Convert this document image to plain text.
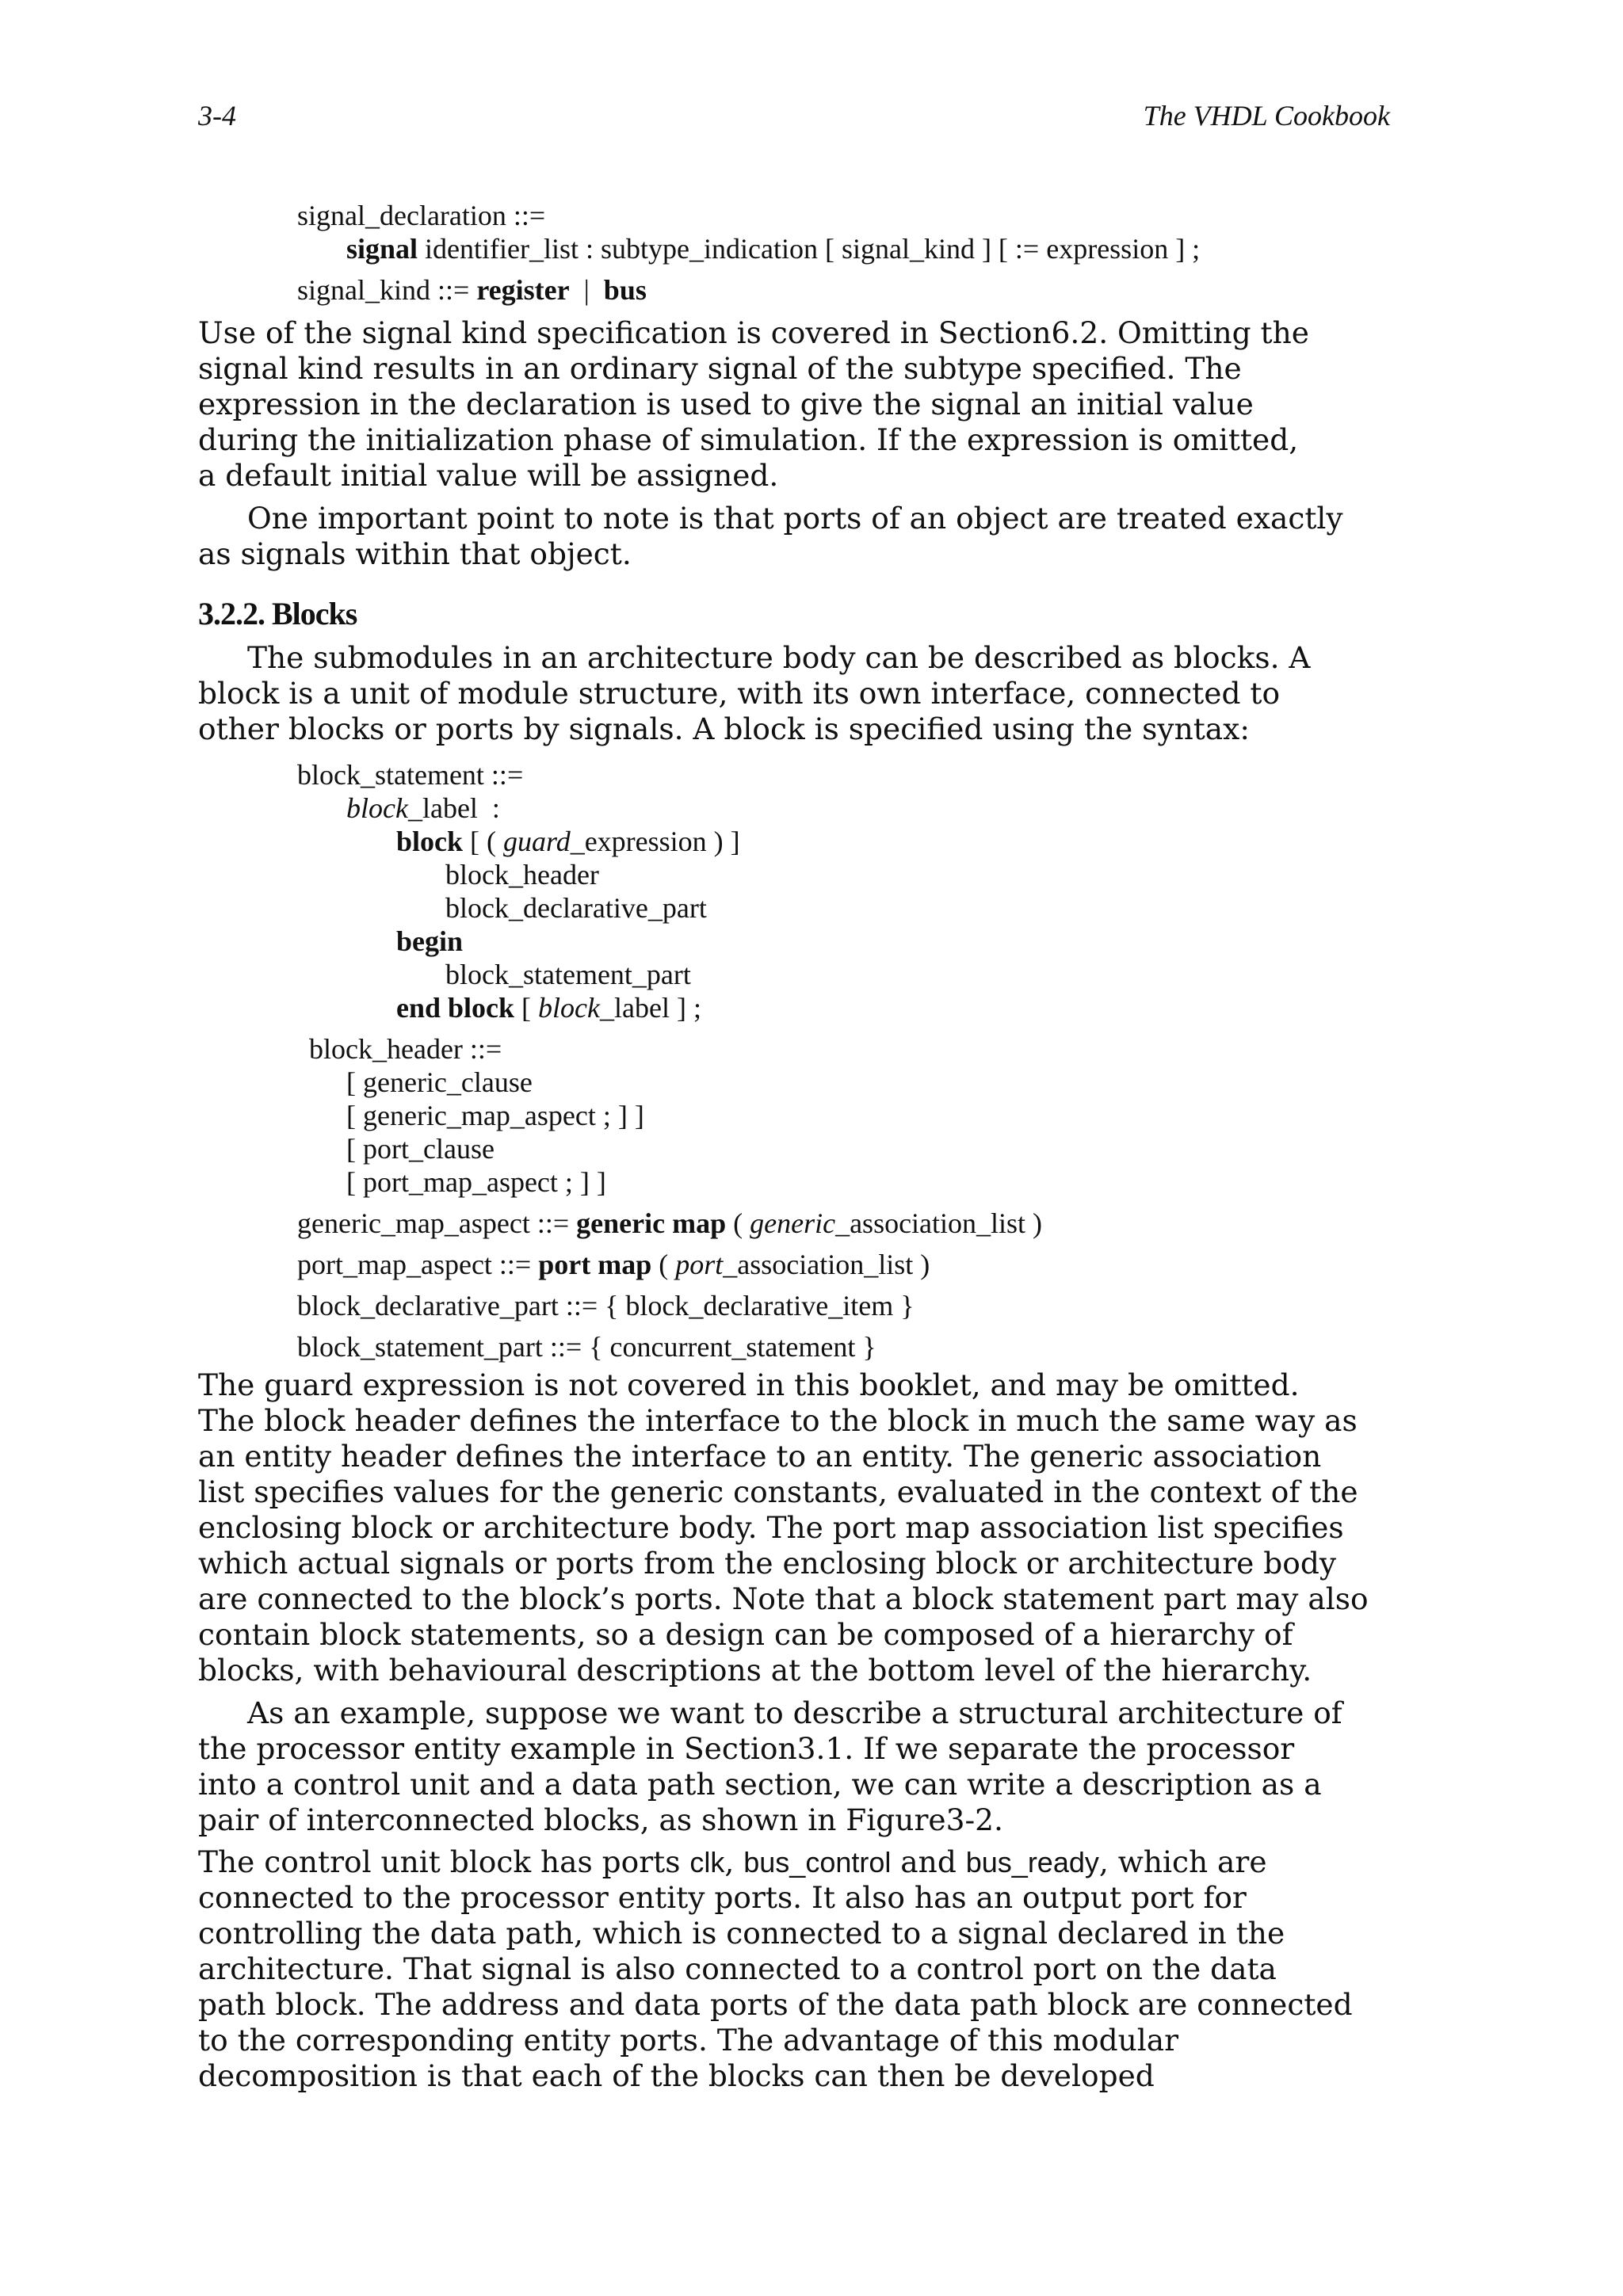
3-4	The VHDL Cookbook
signal_declaration ::=
signal identifier_list : subtype_indication [ signal_kind ] [ := expression ] ;
signal_kind ::= register  |  bus
Use of the signal kind specification is covered in Section6.2. Omitting the
signal kind results in an ordinary signal of the subtype specified. The
expression in the declaration is used to give the signal an initial value
during the initialization phase of simulation. If the expression is omitted,
a default initial value will be assigned.
One important point to note is that ports of an object are treated exactly
as signals within that object.
3.2.2. Blocks
The submodules in an architecture body can be described as blocks. A
block is a unit of module structure, with its own interface, connected to
other blocks or ports by signals. A block is specified using the syntax:
block_statement ::=
block_label  :
block [ ( guard_expression ) ]
block_header
block_declarative_part
begin
block_statement_part
end block [ block_label ] ;
block_header ::=
[ generic_clause
[ generic_map_aspect ; ] ]
[ port_clause
[ port_map_aspect ; ] ]
generic_map_aspect ::= generic map ( generic_association_list )
port_map_aspect ::= port map ( port_association_list )
block_declarative_part ::= { block_declarative_item }
block_statement_part ::= { concurrent_statement }
The guard expression is not covered in this booklet, and may be omitted.
The block header defines the interface to the block in much the same way as
an entity header defines the interface to an entity. The generic association
list specifies values for the generic constants, evaluated in the context of the
enclosing block or architecture body. The port map association list specifies
which actual signals or ports from the enclosing block or architecture body
are connected to the block’s ports. Note that a block statement part may also
contain block statements, so a design can be composed of a hierarchy of
blocks, with behavioural descriptions at the bottom level of the hierarchy.
As an example, suppose we want to describe a structural architecture of
the processor entity example in Section3.1. If we separate the processor
into a control unit and a data path section, we can write a description as a
pair of interconnected blocks, as shown in Figure3-2.
The control unit block has ports clk, bus_control and bus_ready, which are
connected to the processor entity ports. It also has an output port for
controlling the data path, which is connected to a signal declared in the
architecture. That signal is also connected to a control port on the data
path block. The address and data ports of the data path block are connected
to the corresponding entity ports. The advantage of this modular
decomposition is that each of the blocks can then be developed
